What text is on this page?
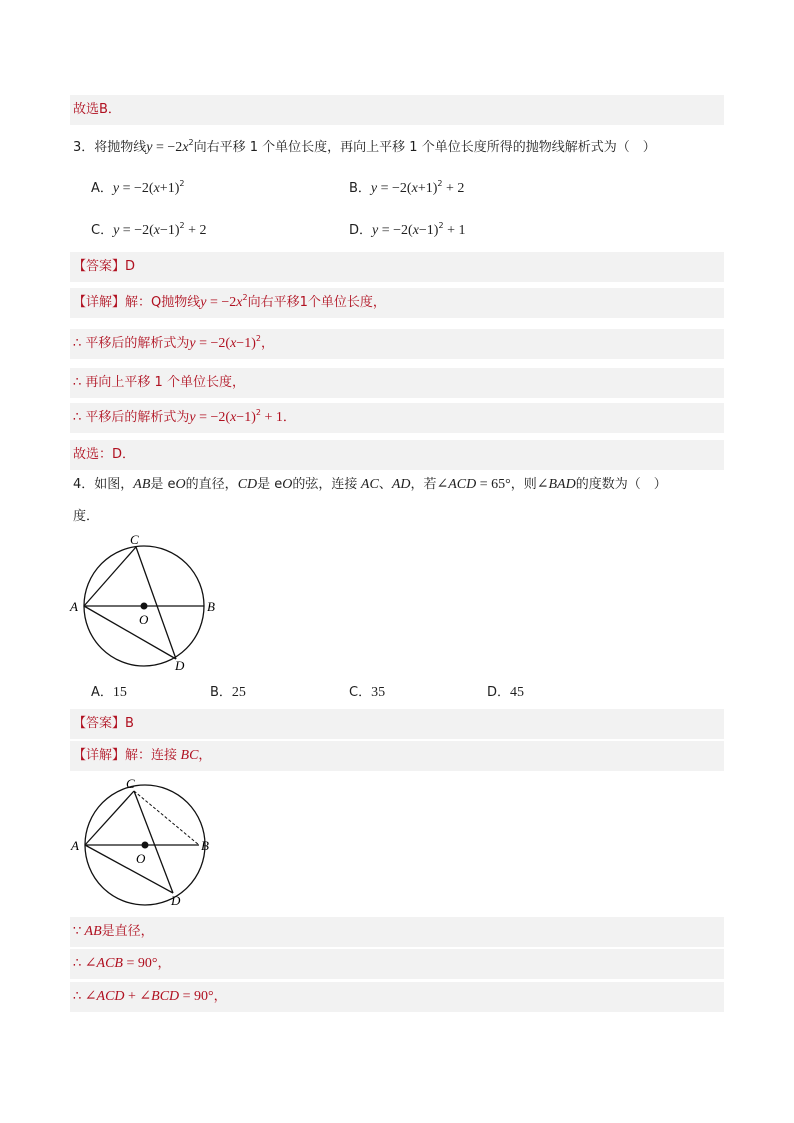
故选B．
3．将抛物线$y = -2x^2$向右平移 1 个单位长度，再向上平移 1 个单位长度所得的抛物线解析式为（　）
A．$y = -2(x+1)^2$	B．$y = -2(x+1)^2 + 2$
C．$y = -2(x-1)^2 + 2$	D．$y = -2(x-1)^2 + 1$
【答案】D
【详解】解：Q抛物线$y = -2x^2$向右平移1个单位长度，
∴ 平移后的解析式为$y = -2(x-1)^2$，
∴ 再向上平移 1 个单位长度，
∴ 平移后的解析式为$y = -2(x-1)^2 + 1$．
故选：D．
4．如图，AB是 eO的直径，CD是 eO的弦，连接 AC、AD，若∠ACD = 65°，则∠BAD的度数为（　）
度．
A	B
C
D
O
A．15	B．25	C．35	D．45
【答案】B
【详解】解：连接 BC，
A	B
C
D
O
∵ AB是直径，
∴ ∠ACB = 90°，
∴ ∠ACD + ∠BCD = 90°，
